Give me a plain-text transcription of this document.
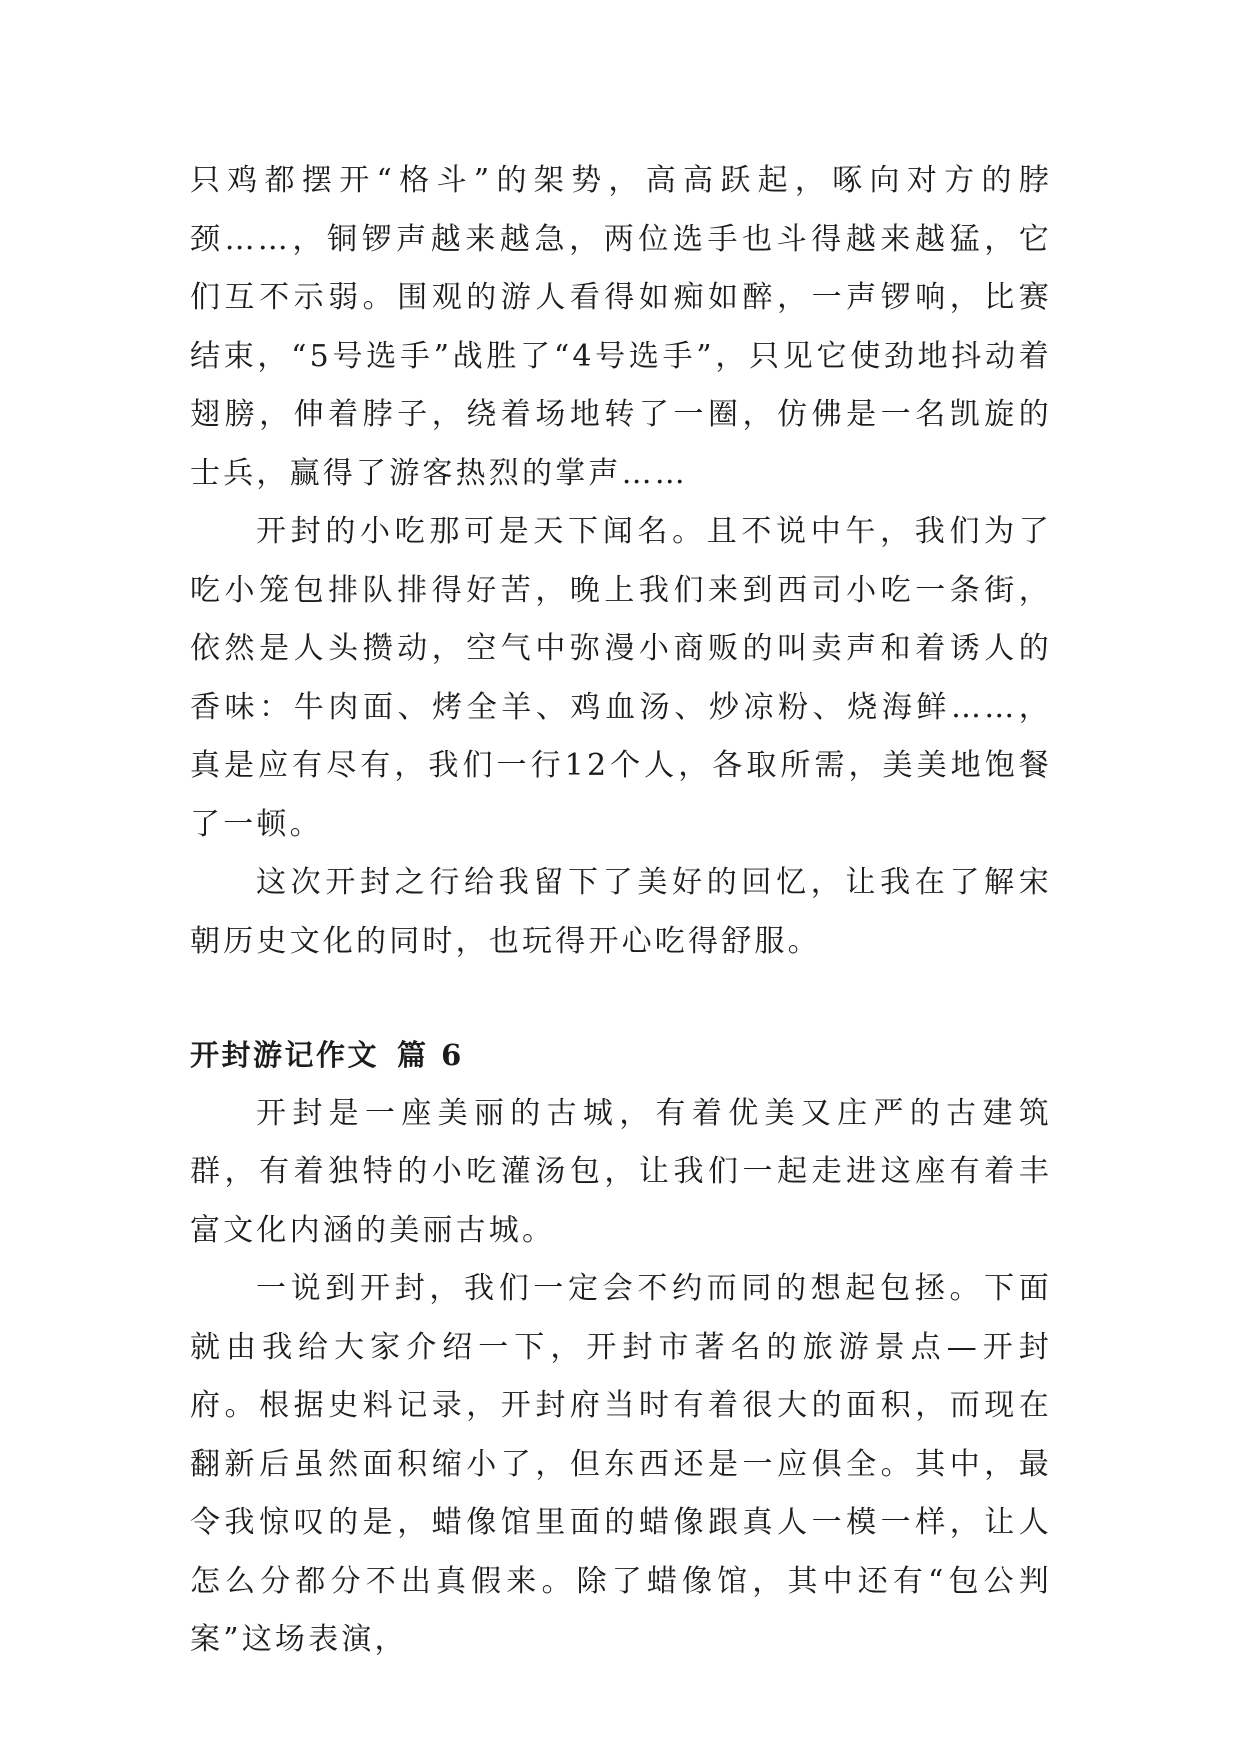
只鸡都摆开“格斗”的架势，高高跃起，啄向对方的脖颈……，铜锣声越来越急，两位选手也斗得越来越猛，它们互不示弱。围观的游人看得如痴如醉，一声锣响，比赛结束，“5号选手”战胜了“4号选手”，只见它使劲地抖动着翅膀，伸着脖子，绕着场地转了一圈，仿佛是一名凯旋的士兵，赢得了游客热烈的掌声……

开封的小吃那可是天下闻名。且不说中午，我们为了吃小笼包排队排得好苦，晚上我们来到西司小吃一条街，依然是人头攒动，空气中弥漫小商贩的叫卖声和着诱人的香味：牛肉面、烤全羊、鸡血汤、炒凉粉、烧海鲜……，真是应有尽有，我们一行12个人，各取所需，美美地饱餐了一顿。

这次开封之行给我留下了美好的回忆，让我在了解宋朝历史文化的同时，也玩得开心吃得舒服。

开封游记作文 篇 6

开封是一座美丽的古城，有着优美又庄严的古建筑群，有着独特的小吃灌汤包，让我们一起走进这座有着丰富文化内涵的美丽古城。

一说到开封，我们一定会不约而同的想起包拯。下面就由我给大家介绍一下，开封市著名的旅游景点—开封府。根据史料记录，开封府当时有着很大的面积，而现在翻新后虽然面积缩小了，但东西还是一应俱全。其中，最令我惊叹的是，蜡像馆里面的蜡像跟真人一模一样，让人怎么分都分不出真假来。除了蜡像馆，其中还有“包公判案”这场表演，
